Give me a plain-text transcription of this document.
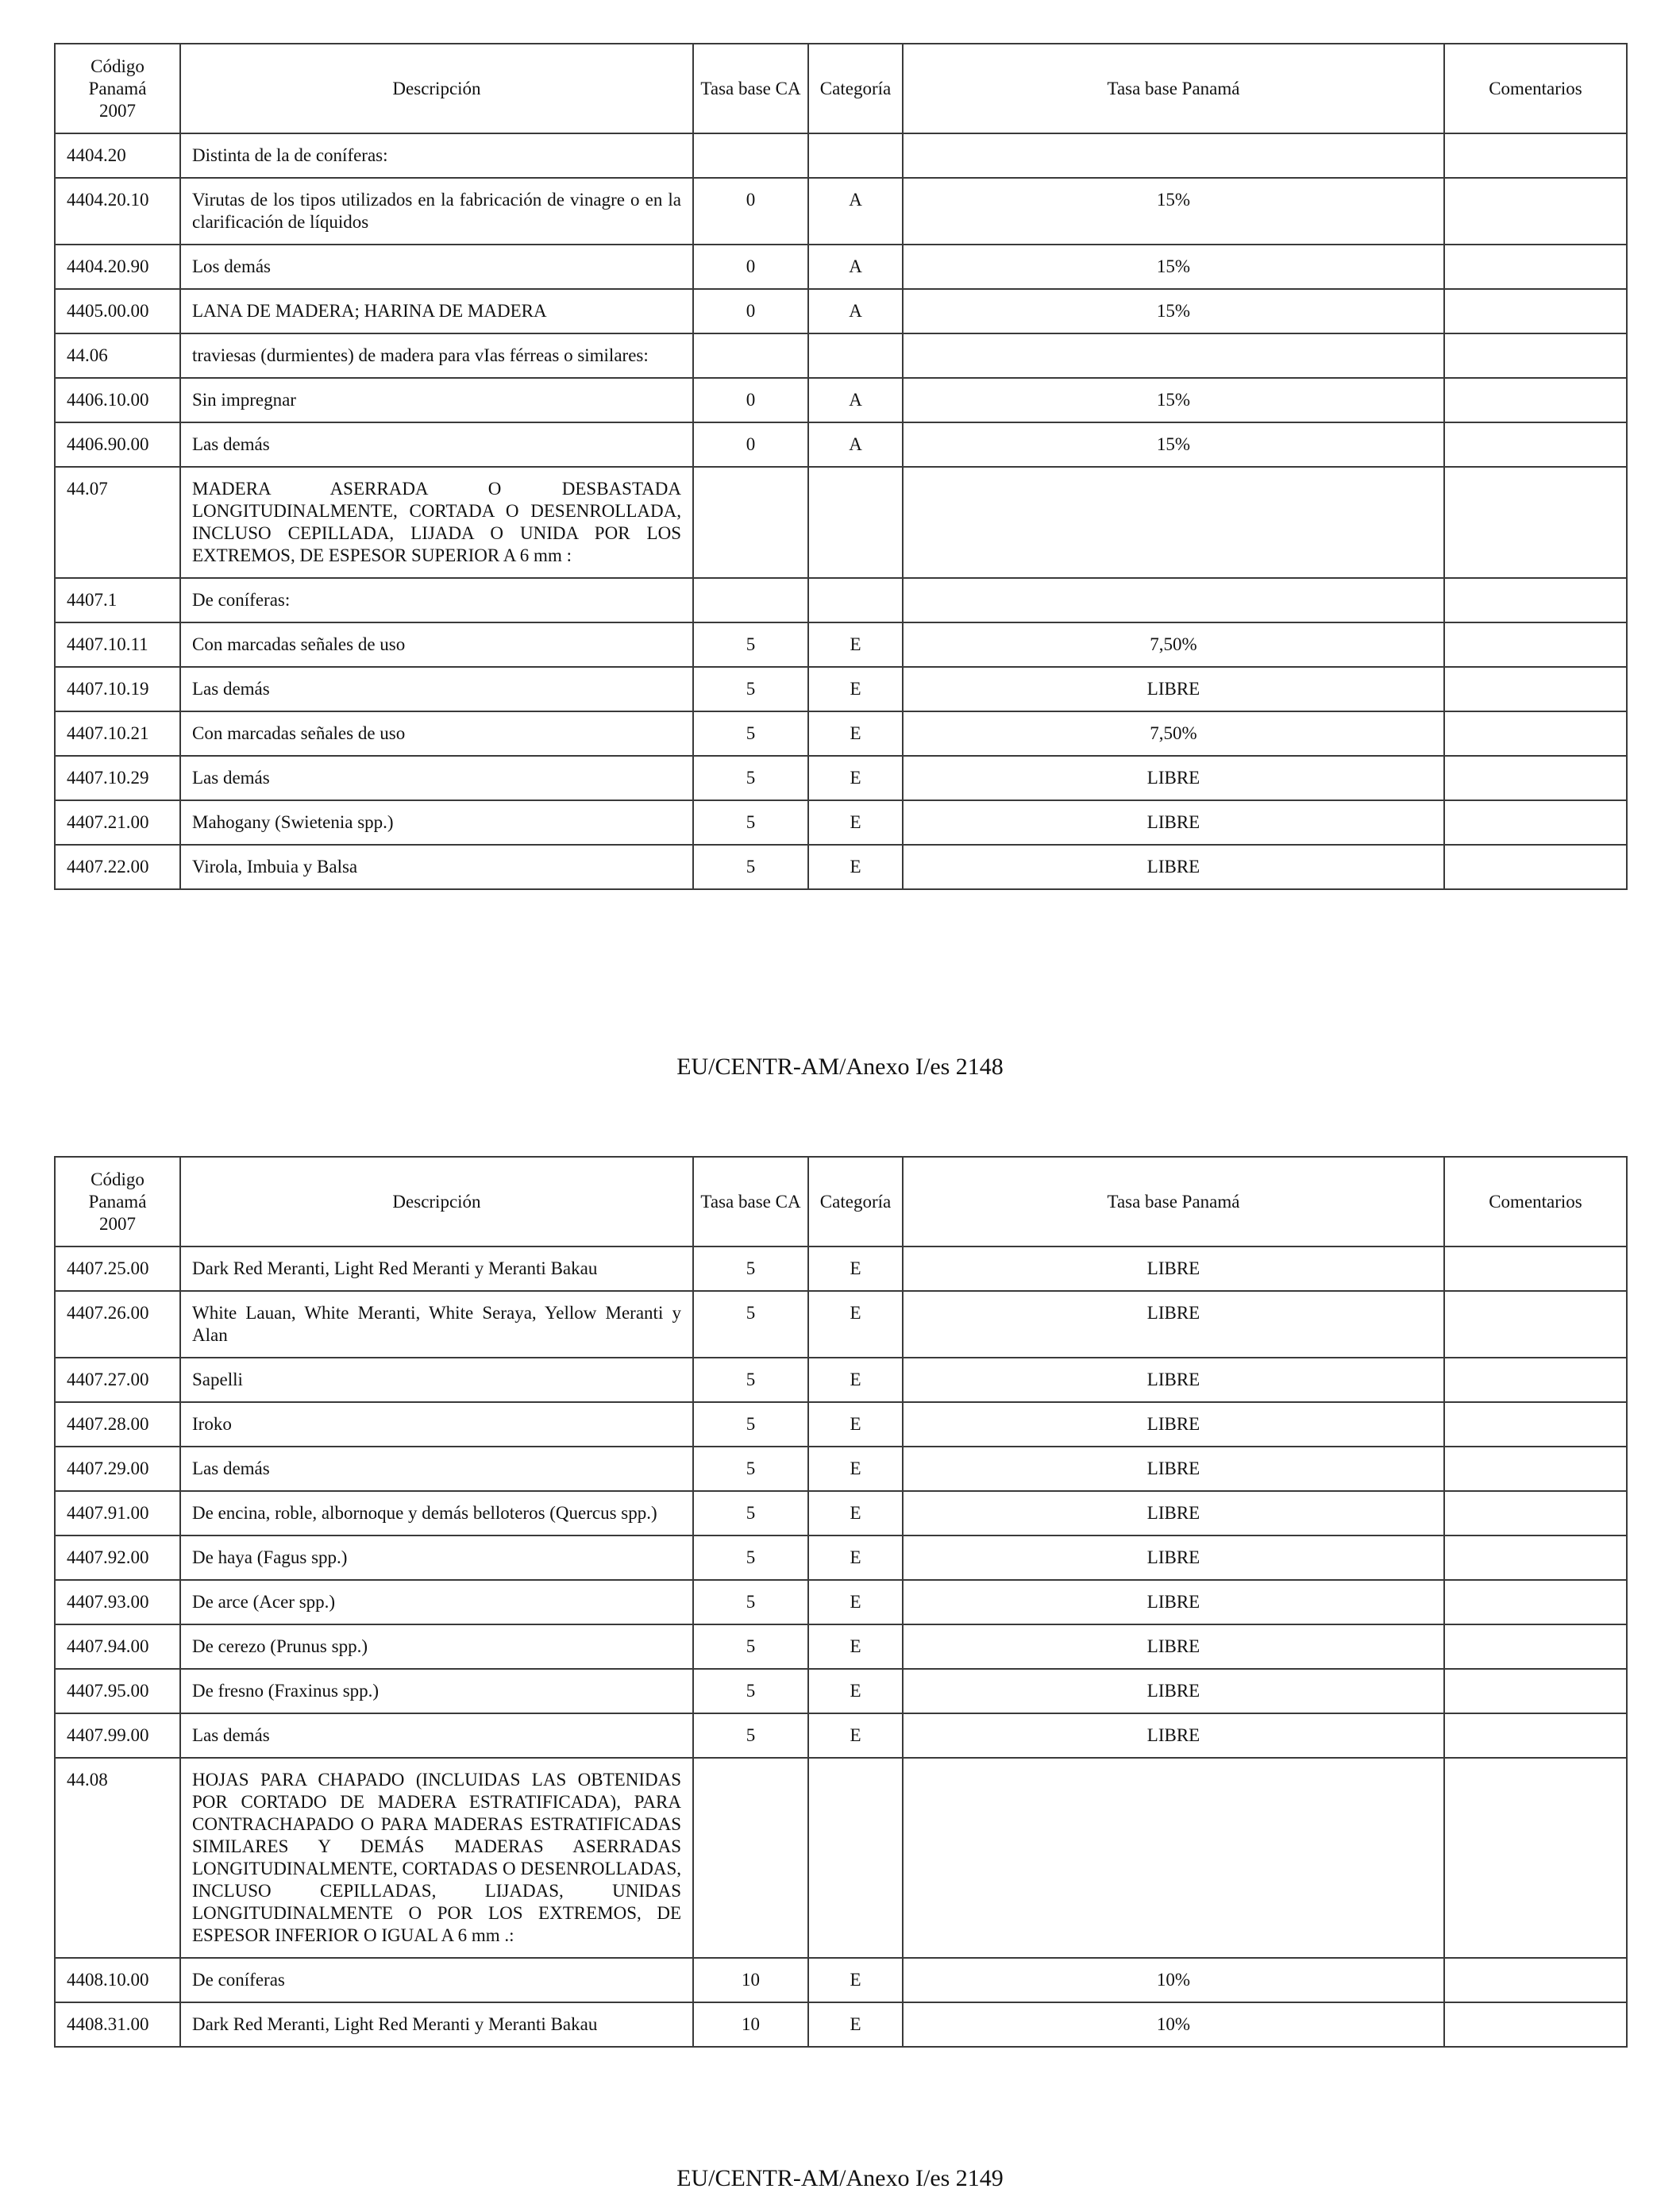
Código
Panamá
2007	Descripción	Tasa base CA	Categoría	Tasa base Panamá	Comentarios
4404.20	Distinta de la de coníferas:				
4404.20.10	Virutas de los tipos utilizados en la fabricación de vinagre o en la clarificación de líquidos	0	A	15%	
4404.20.90	Los demás	0	A	15%	
4405.00.00	LANA DE MADERA; HARINA DE MADERA	0	A	15%	
44.06	traviesas (durmientes) de madera para vIas férreas o similares:				
4406.10.00	Sin impregnar	0	A	15%	
4406.90.00	Las demás	0	A	15%	
44.07	MADERA ASERRADA O DESBASTADA LONGITUDINALMENTE, CORTADA O DESENROLLADA, INCLUSO CEPILLADA, LIJADA O UNIDA POR LOS EXTREMOS, DE ESPESOR SUPERIOR A 6 mm :				
4407.1	De coníferas:				
4407.10.11	Con marcadas señales de uso	5	E	7,50%	
4407.10.19	Las demás	5	E	LIBRE	
4407.10.21	Con marcadas señales de uso	5	E	7,50%	
4407.10.29	Las demás	5	E	LIBRE	
4407.21.00	Mahogany (Swietenia spp.)	5	E	LIBRE	
4407.22.00	Virola, Imbuia y Balsa	5	E	LIBRE	
EU/CENTR-AM/Anexo I/es 2148
Código
Panamá
2007	Descripción	Tasa base CA	Categoría	Tasa base Panamá	Comentarios
4407.25.00	Dark Red Meranti, Light Red Meranti y Meranti Bakau	5	E	LIBRE	
4407.26.00	White Lauan, White Meranti, White Seraya, Yellow Meranti y Alan	5	E	LIBRE	
4407.27.00	Sapelli	5	E	LIBRE	
4407.28.00	Iroko	5	E	LIBRE	
4407.29.00	Las demás	5	E	LIBRE	
4407.91.00	De encina, roble, albornoque y demás belloteros (Quercus spp.)	5	E	LIBRE	
4407.92.00	De haya (Fagus spp.)	5	E	LIBRE	
4407.93.00	De arce (Acer spp.)	5	E	LIBRE	
4407.94.00	De cerezo (Prunus spp.)	5	E	LIBRE	
4407.95.00	De fresno (Fraxinus spp.)	5	E	LIBRE	
4407.99.00	Las demás	5	E	LIBRE	
44.08	HOJAS PARA CHAPADO (INCLUIDAS LAS OBTENIDAS POR CORTADO DE MADERA ESTRATIFICADA), PARA CONTRACHAPADO O PARA MADERAS ESTRATIFICADAS SIMILARES Y DEMÁS MADERAS ASERRADAS LONGITUDINALMENTE, CORTADAS O DESENROLLADAS, INCLUSO CEPILLADAS, LIJADAS, UNIDAS LONGITUDINALMENTE O POR LOS EXTREMOS, DE ESPESOR INFERIOR O IGUAL A 6 mm .:				
4408.10.00	De coníferas	10	E	10%	
4408.31.00	Dark Red Meranti, Light Red Meranti y Meranti Bakau	10	E	10%	
EU/CENTR-AM/Anexo I/es 2149
